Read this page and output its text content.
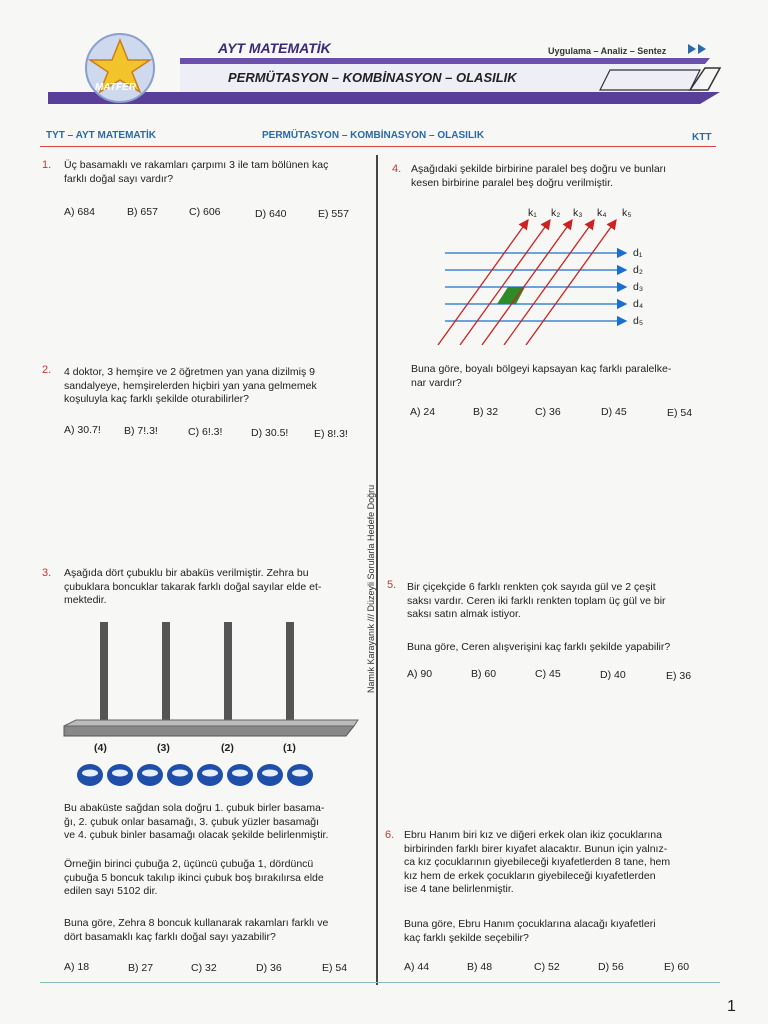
AYT MATEMATİK	Uygulama – Analiz – Sentez
PERMÜTASYON – KOMBİNASYON – OLASILIK
MATFER
TYT – AYT MATEMATİK	PERMÜTASYON – KOMBİNASYON – OLASILIK	KTT
Namık Karayanık /// Düzeyli Sorularla Hedefe Doğru
1. Üç basamaklı ve rakamları çarpımı 3 ile tam bölünen kaç
farklı doğal sayı vardır?
A) 684	B) 657	C) 606	D) 640	E) 557
2. 4 doktor, 3 hemşire ve 2 öğretmen yan yana dizilmiş 9
sandalyeye, hemşirelerden hiçbiri yan yana gelmemek
koşuluyla kaç farklı şekilde oturabilirler?
A) 30.7! B) 7!.3!	C) 6!.3!	D) 30.5! E) 8!.3!
3. Aşağıda dört çubuklu bir abaküs verilmiştir. Zehra bu
çubuklara boncuklar takarak farklı doğal sayılar elde et-
mektedir.
(4)	(3)	(2)	(1)
Bu abaküste sağdan sola doğru 1. çubuk birler basama-
ğı, 2. çubuk onlar basamağı, 3. çubuk yüzler basamağı
ve 4. çubuk binler basamağı olacak şekilde belirlenmiştir.
Örneğin birinci çubuğa 2, üçüncü çubuğa 1, dördüncü
çubuğa 5 boncuk takılıp ikinci çubuk boş bırakılırsa elde
edilen sayı 5102 dir.
Buna göre, Zehra 8 boncuk kullanarak rakamları farklı ve
dört basamaklı kaç farklı doğal sayı yazabilir?
A) 18	B) 27	C) 32	D) 36	E) 54
4. Aşağıdaki şekilde birbirine paralel beş doğru ve bunları
kesen birbirine paralel beş doğru verilmiştir.
k₁ k₂ k₃ k₄ k₅
d₁
d₂
d₃
d₄
d₅
Buna göre, boyalı bölgeyi kapsayan kaç farklı paralelke-
nar vardır?
A) 24	B) 32	C) 36	D) 45	E) 54
5. Bir çiçekçide 6 farklı renkten çok sayıda gül ve 2 çeşit
saksı vardır. Ceren iki farklı renkten toplam üç gül ve bir
saksı satın almak istiyor.
Buna göre, Ceren alışverişini kaç farklı şekilde yapabilir?
A) 90	B) 60	C) 45	D) 40	E) 36
6. Ebru Hanım biri kız ve diğeri erkek olan ikiz çocuklarına
birbirinden farklı birer kıyafet alacaktır. Bunun için yalnız-
ca kız çocuklarının giyebileceği kıyafetlerden 8 tane, hem
kız hem de erkek çocukların giyebileceği kıyafetlerden
ise 4 tane belirlenmiştir.
Buna göre, Ebru Hanım çocuklarına alacağı kıyafetleri
kaç farklı şekilde seçebilir?
A) 44	B) 48	C) 52	D) 56	E) 60
1
